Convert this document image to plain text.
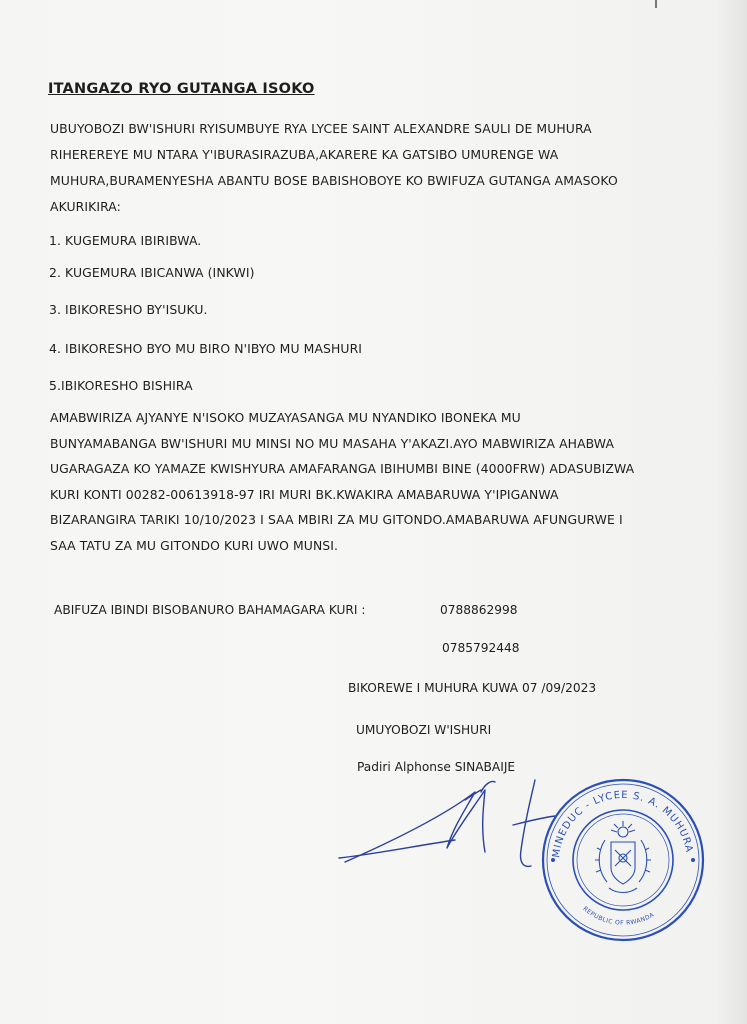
ITANGAZO RYO GUTANGA ISOKO
UBUYOBOZI BW'ISHURI RYISUMBUYE RYA LYCEE SAINT ALEXANDRE SAULI DE MUHURA
RIHEREREYE MU NTARA Y'IBURASIRAZUBA,AKARERE KA GATSIBO UMURENGE WA
MUHURA,BURAMENYESHA ABANTU BOSE BABISHOBOYE KO BWIFUZA GUTANGA AMASOKO
AKURIKIRA:
1. KUGEMURA IBIRIBWA.
2. KUGEMURA IBICANWA (INKWI)
3. IBIKORESHO BY'ISUKU.
4. IBIKORESHO BYO MU BIRO N'IBYO MU MASHURI
5.IBIKORESHO BISHIRA
AMABWIRIZA AJYANYE N'ISOKO MUZAYASANGA MU NYANDIKO IBONEKA MU
BUNYAMABANGA BW'ISHURI MU MINSI NO MU MASAHA Y'AKAZI.AYO MABWIRIZA AHABWA
UGARAGAZA KO YAMAZE KWISHYURA AMAFARANGA IBIHUMBI BINE (4000FRW) ADASUBIZWA
KURI KONTI 00282-00613918-97 IRI MURI BK.KWAKIRA AMABARUWA Y'IPIGANWA
BIZARANGIRA TARIKI 10/10/2023 I SAA MBIRI ZA MU GITONDO.AMABARUWA AFUNGURWE I
SAA TATU ZA MU GITONDO KURI UWO MUNSI.
ABIFUZA IBINDI BISOBANURO BAHAMAGARA KURI :	0788862998
0785792448
BIKOREWE I MUHURA KUWA 07 /09/2023
UMUYOBOZI W'ISHURI
Padiri Alphonse SINABAIJE
MINEDUC - LYCEE S. A. MUHURA
REPUBLIC OF RWANDA
